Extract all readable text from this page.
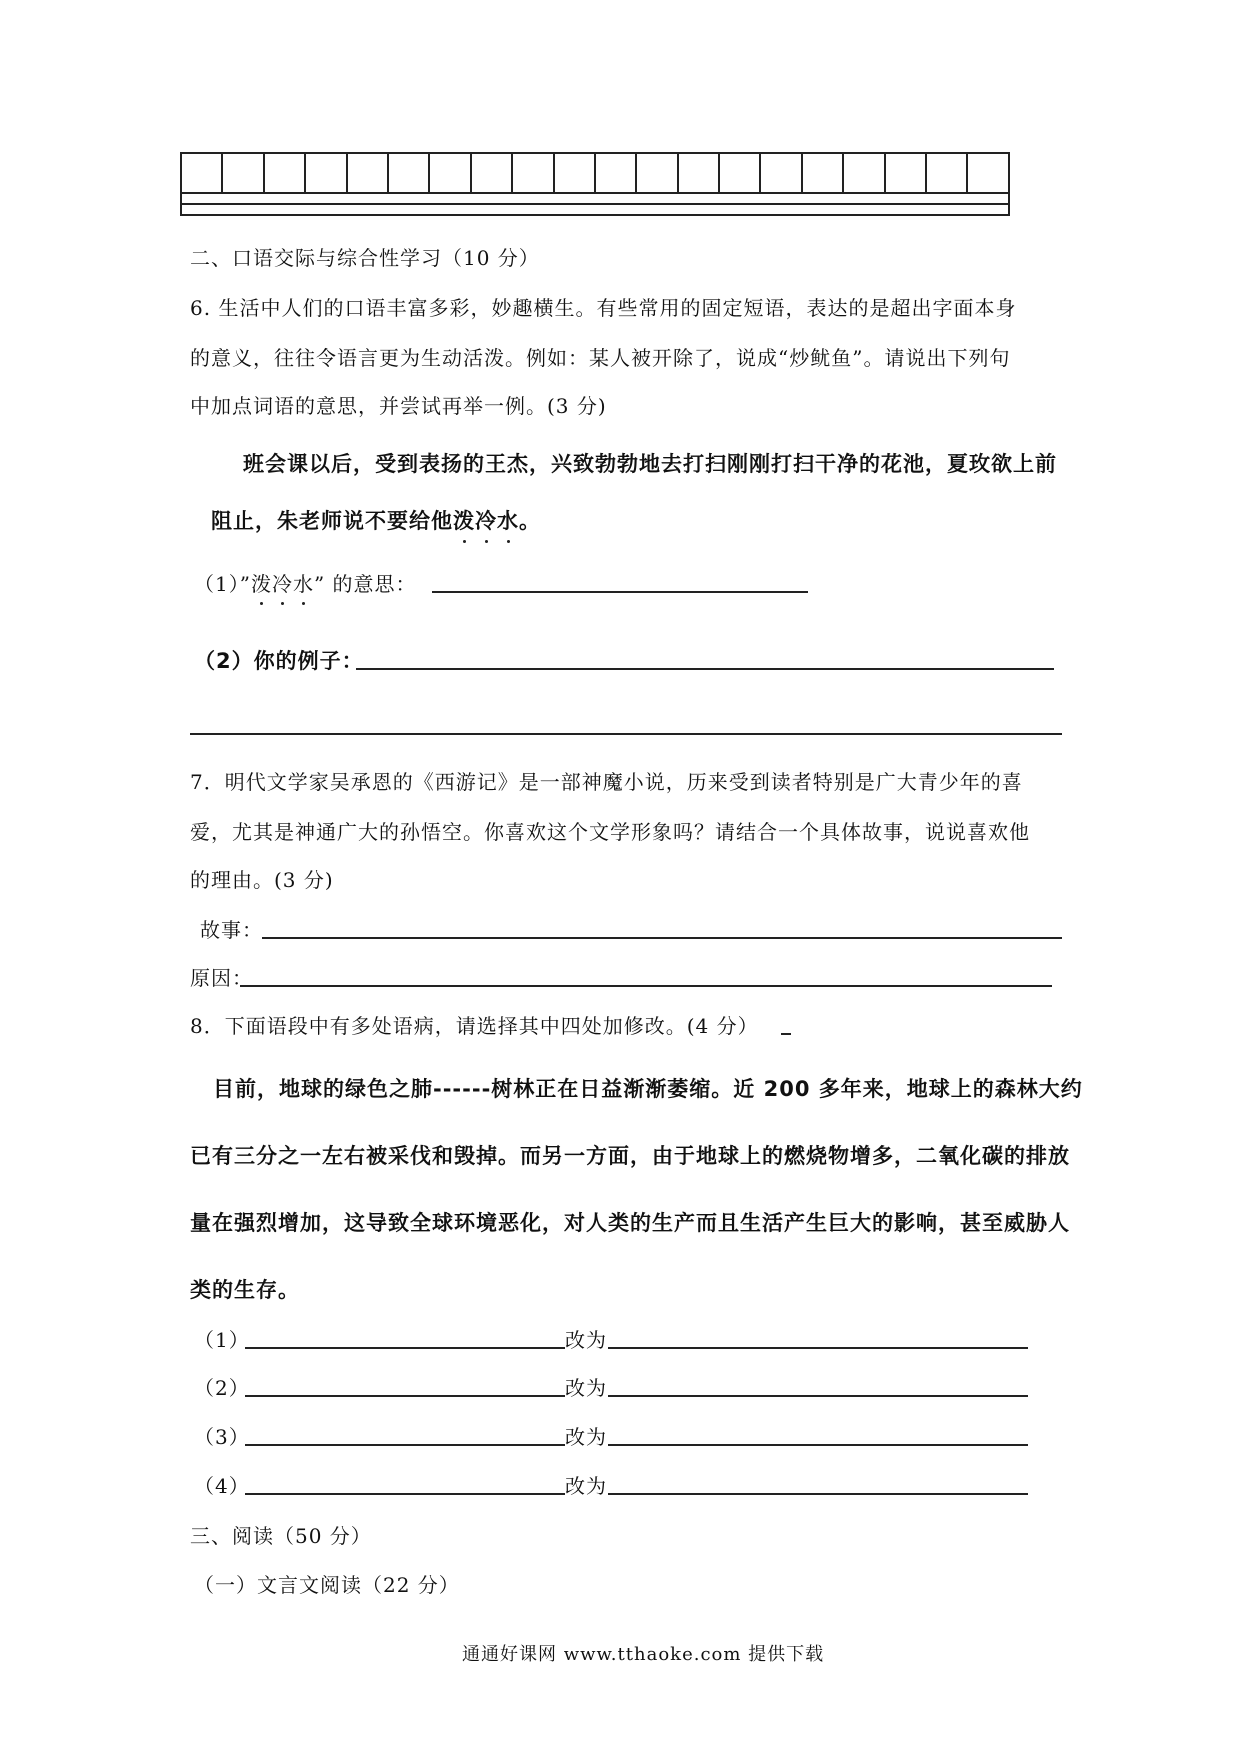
二、口语交际与综合性学习（10 分）
6. 生活中人们的口语丰富多彩，妙趣横生。有些常用的固定短语，表达的是超出字面本身
的意义，往往令语言更为生动活泼。例如：某人被开除了，说成“炒鱿鱼”。请说出下列句
中加点词语的意思，并尝试再举一例。(3 分)
班会课以后，受到表扬的王杰，兴致勃勃地去打扫刚刚打扫干净的花池，夏玫欲上前
阻止，朱老师说不要给他泼冷水。
（1）”泼冷水” 的意思：
（2）你的例子：
7．明代文学家吴承恩的《西游记》是一部神魔小说，历来受到读者特别是广大青少年的喜
爱，尤其是神通广大的孙悟空。你喜欢这个文学形象吗？请结合一个具体故事，说说喜欢他
的理由。(3 分)
故事：
原因：
8．下面语段中有多处语病，请选择其中四处加修改。(4 分）
目前，地球的绿色之肺------树林正在日益渐渐萎缩。近 200 多年来，地球上的森林大约
已有三分之一左右被采伐和毁掉。而另一方面，由于地球上的燃烧物增多，二氧化碳的排放
量在强烈增加，这导致全球环境恶化，对人类的生产而且生活产生巨大的影响，甚至威胁人
类的生存。
（1）	改为
（2）	改为
（3）	改为
（4）	改为
三、阅读（50 分）
（一）文言文阅读（22 分）
通通好课网 www.tthaoke.com 提供下载
